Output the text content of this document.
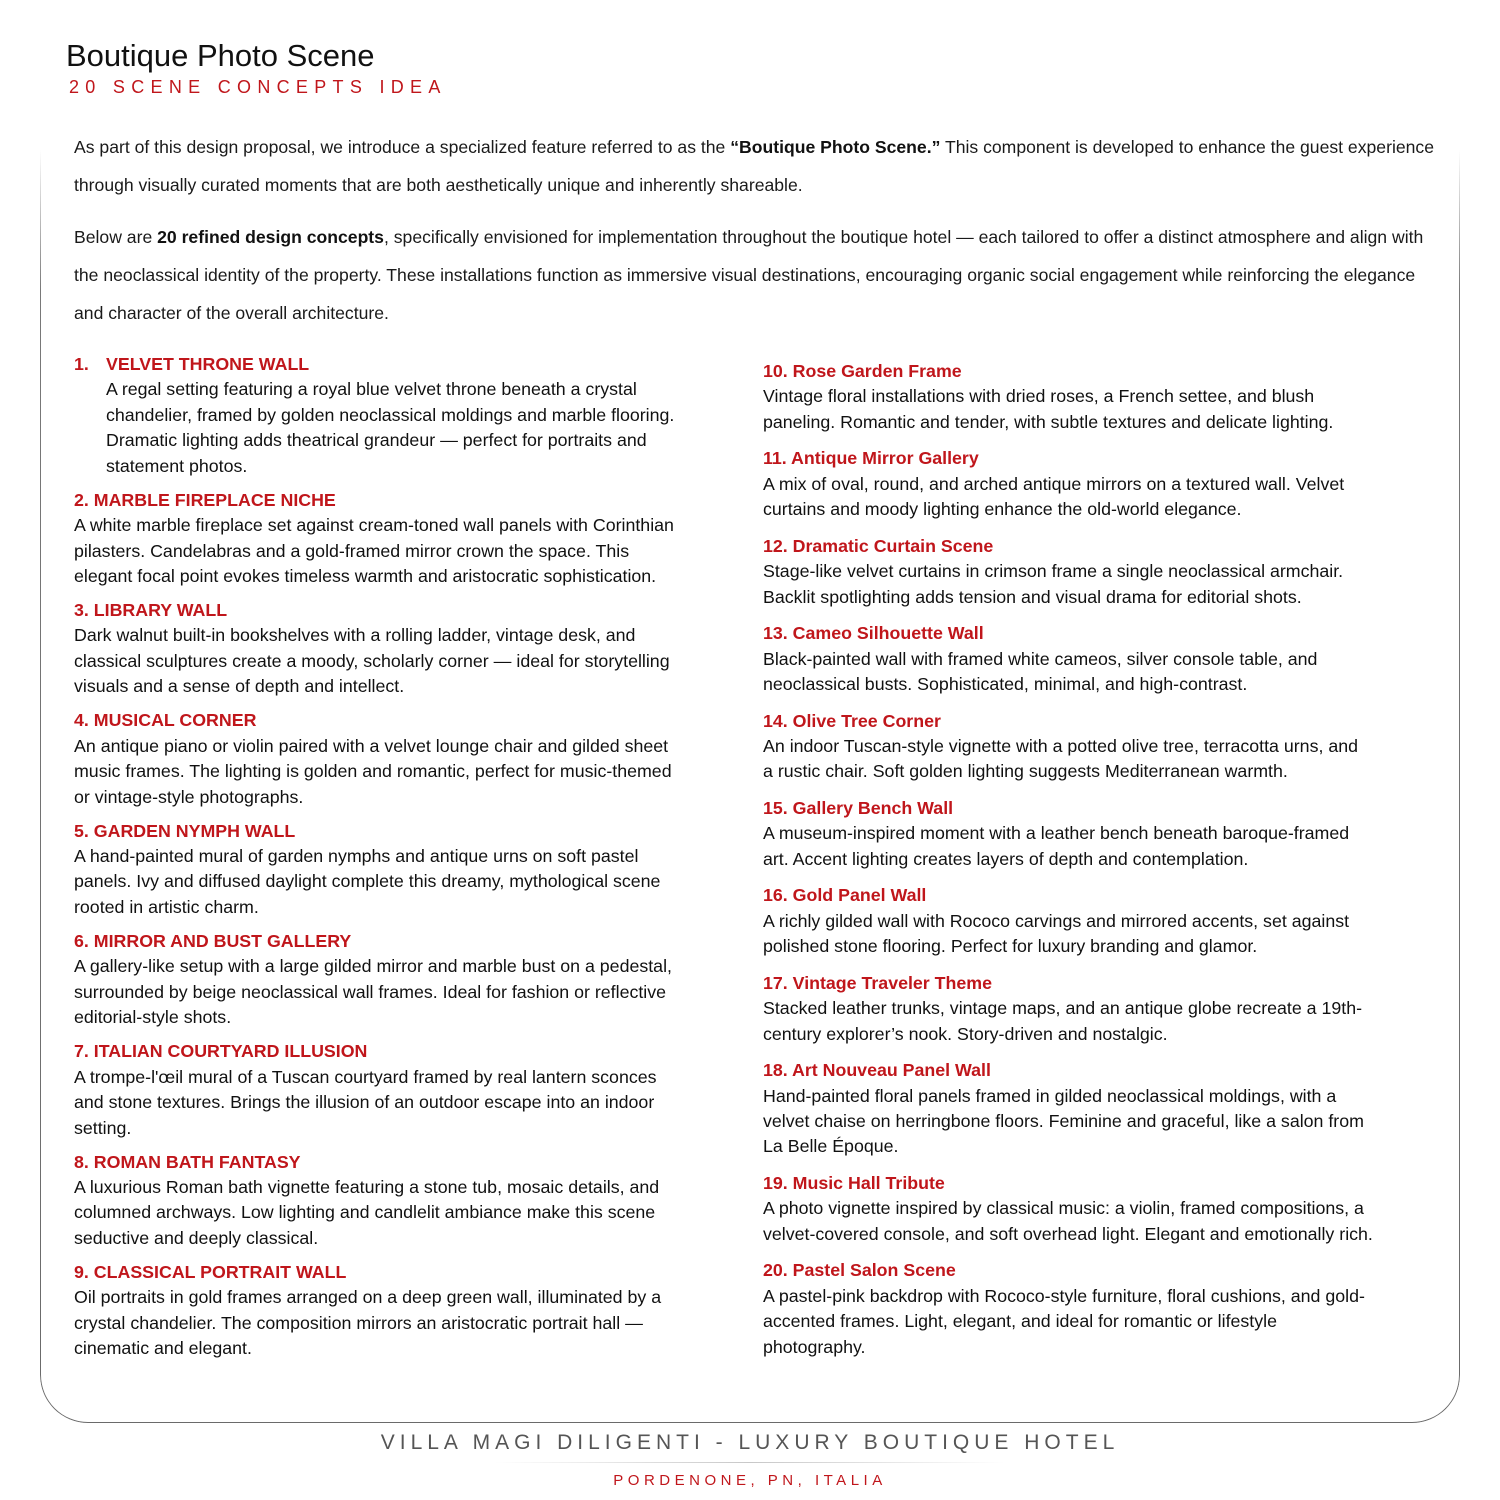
Boutique Photo Scene
20 SCENE CONCEPTS IDEA

As part of this design proposal, we introduce a specialized feature referred to as the “Boutique Photo Scene.” This component is developed to enhance the guest experience through visually curated moments that are both aesthetically unique and inherently shareable.

Below are 20 refined design concepts, specifically envisioned for implementation throughout the boutique hotel — each tailored to offer a distinct atmosphere and align with the neoclassical identity of the property. These installations function as immersive visual destinations, encouraging organic social engagement while reinforcing the elegance and character of the overall architecture.

1. VELVET THRONE WALL
A regal setting featuring a royal blue velvet throne beneath a crystal
chandelier, framed by golden neoclassical moldings and marble flooring.
Dramatic lighting adds theatrical grandeur — perfect for portraits and
statement photos.
2. MARBLE FIREPLACE NICHE
A white marble fireplace set against cream-toned wall panels with Corinthian
pilasters. Candelabras and a gold-framed mirror crown the space. This
elegant focal point evokes timeless warmth and aristocratic sophistication.
3. LIBRARY WALL
Dark walnut built-in bookshelves with a rolling ladder, vintage desk, and
classical sculptures create a moody, scholarly corner — ideal for storytelling
visuals and a sense of depth and intellect.
4. MUSICAL CORNER
An antique piano or violin paired with a velvet lounge chair and gilded sheet
music frames. The lighting is golden and romantic, perfect for music-themed
or vintage-style photographs.
5. GARDEN NYMPH WALL
A hand-painted mural of garden nymphs and antique urns on soft pastel
panels. Ivy and diffused daylight complete this dreamy, mythological scene
rooted in artistic charm.
6. MIRROR AND BUST GALLERY
A gallery-like setup with a large gilded mirror and marble bust on a pedestal,
surrounded by beige neoclassical wall frames. Ideal for fashion or reflective
editorial-style shots.
7. ITALIAN COURTYARD ILLUSION
A trompe-l'œil mural of a Tuscan courtyard framed by real lantern sconces
and stone textures. Brings the illusion of an outdoor escape into an indoor
setting.
8. ROMAN BATH FANTASY
A luxurious Roman bath vignette featuring a stone tub, mosaic details, and
columned archways. Low lighting and candlelit ambiance make this scene
seductive and deeply classical.
9. CLASSICAL PORTRAIT WALL
Oil portraits in gold frames arranged on a deep green wall, illuminated by a
crystal chandelier. The composition mirrors an aristocratic portrait hall —
cinematic and elegant.
10. Rose Garden Frame
Vintage floral installations with dried roses, a French settee, and blush
paneling. Romantic and tender, with subtle textures and delicate lighting.
11. Antique Mirror Gallery
A mix of oval, round, and arched antique mirrors on a textured wall. Velvet
curtains and moody lighting enhance the old-world elegance.
12. Dramatic Curtain Scene
Stage-like velvet curtains in crimson frame a single neoclassical armchair.
Backlit spotlighting adds tension and visual drama for editorial shots.
13. Cameo Silhouette Wall
Black-painted wall with framed white cameos, silver console table, and
neoclassical busts. Sophisticated, minimal, and high-contrast.
14. Olive Tree Corner
An indoor Tuscan-style vignette with a potted olive tree, terracotta urns, and
a rustic chair. Soft golden lighting suggests Mediterranean warmth.
15. Gallery Bench Wall
A museum-inspired moment with a leather bench beneath baroque-framed
art. Accent lighting creates layers of depth and contemplation.
16. Gold Panel Wall
A richly gilded wall with Rococo carvings and mirrored accents, set against
polished stone flooring. Perfect for luxury branding and glamor.
17. Vintage Traveler Theme
Stacked leather trunks, vintage maps, and an antique globe recreate a 19th-
century explorer’s nook. Story-driven and nostalgic.
18. Art Nouveau Panel Wall
Hand-painted floral panels framed in gilded neoclassical moldings, with a
velvet chaise on herringbone floors. Feminine and graceful, like a salon from
La Belle Époque.
19. Music Hall Tribute
A photo vignette inspired by classical music: a violin, framed compositions, a
velvet-covered console, and soft overhead light. Elegant and emotionally rich.
20. Pastel Salon Scene
A pastel-pink backdrop with Rococo-style furniture, floral cushions, and gold-
accented frames. Light, elegant, and ideal for romantic or lifestyle
photography.
VILLA MAGI DILIGENTI - LUXURY BOUTIQUE HOTEL
PORDENONE, PN, ITALIA
